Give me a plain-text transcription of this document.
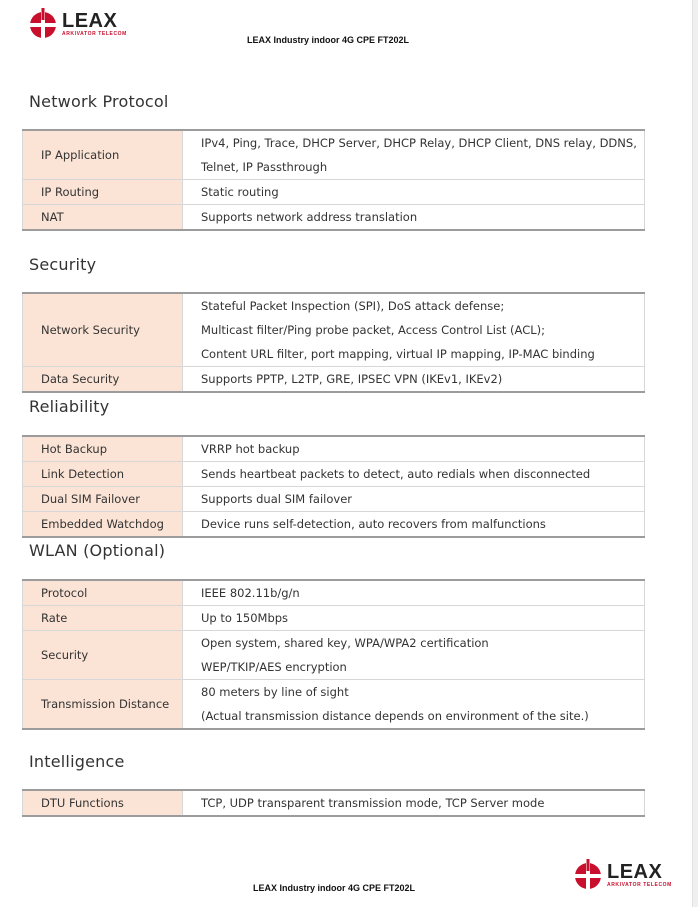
LEAX
ARKIVATOR TELECOM
LEAX Industry indoor 4G CPE FT202L
Network Protocol
IP Application	IPv4, Ping, Trace, DHCP Server, DHCP Relay, DHCP Client, DNS relay, DDNS,
Telnet, IP Passthrough

IP Routing	Static routing

NAT	Supports network address translation
Security
Network Security	Stateful Packet Inspection (SPI), DoS attack defense;
Multicast filter/Ping probe packet, Access Control List (ACL);
Content URL filter, port mapping, virtual IP mapping, IP-MAC binding

Data Security	Supports PPTP, L2TP, GRE, IPSEC VPN (IKEv1, IKEv2)
Reliability
Hot Backup	VRRP hot backup

Link Detection	Sends heartbeat packets to detect, auto redials when disconnected

Dual SIM Failover	Supports dual SIM failover

Embedded Watchdog	Device runs self-detection, auto recovers from malfunctions
WLAN (Optional)
Protocol	IEEE 802.11b/g/n

Rate	Up to 150Mbps

Security	Open system, shared key, WPA/WPA2 certification
WEP/TKIP/AES encryption

Transmission Distance	80 meters by line of sight
(Actual transmission distance depends on environment of the site.)
Intelligence
DTU Functions	TCP, UDP transparent transmission mode, TCP Server mode
LEAX Industry indoor 4G CPE FT202L
LEAX
ARKIVATOR TELECOM
